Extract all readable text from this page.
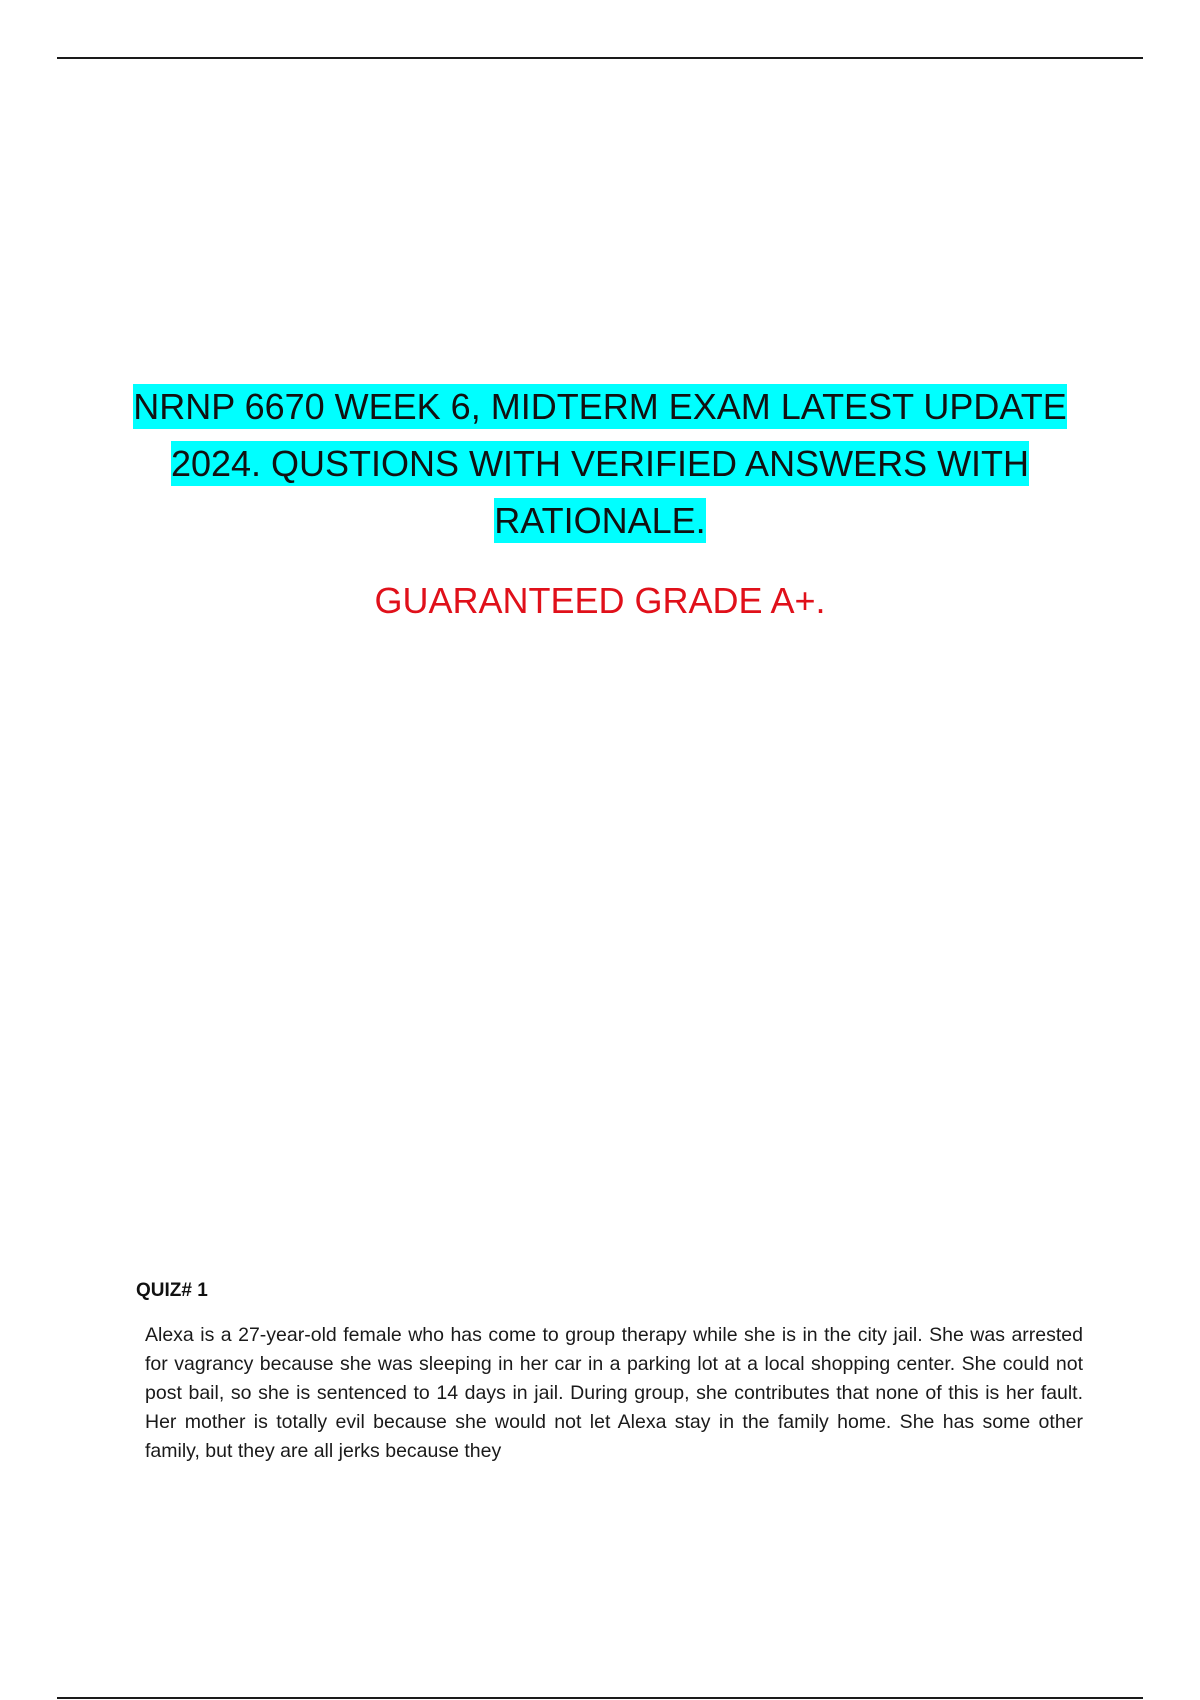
NRNP 6670 WEEK 6, MIDTERM EXAM LATEST UPDATE 2024. QUSTIONS WITH VERIFIED ANSWERS WITH RATIONALE.

GUARANTEED GRADE A+.

QUIZ# 1

Alexa is a 27-year-old female who has come to group therapy while she is in the city jail. She was arrested for vagrancy because she was sleeping in her car in a parking lot at a local shopping center. She could not post bail, so she is sentenced to 14 days in jail. During group, she contributes that none of this is her fault. Her mother is totally evil because she would not let Alexa stay in the family home. She has some other family, but they are all jerks because they
